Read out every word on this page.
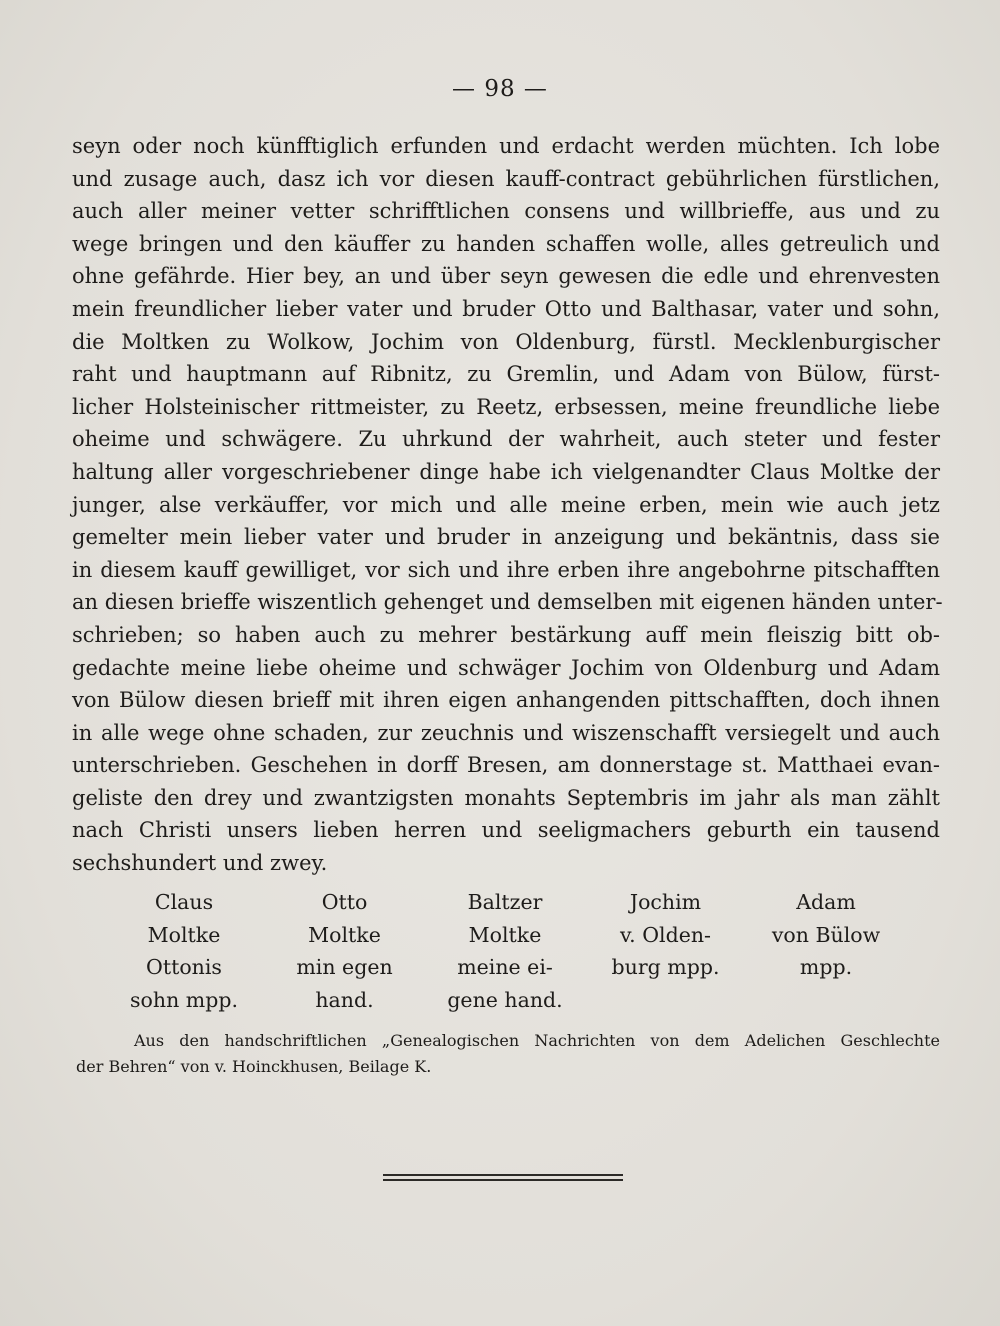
— 98 —
seyn oder noch künfftiglich erfunden und erdacht werden müchten. Ich lobe
und zusage auch, dasz ich vor diesen kauff-contract gebührlichen fürstlichen,
auch aller meiner vetter schrifftlichen consens und willbrieffe, aus und zu
wege bringen und den käuffer zu handen schaffen wolle, alles getreulich und
ohne gefährde. Hier bey, an und über seyn gewesen die edle und ehrenvesten
mein freundlicher lieber vater und bruder Otto und Balthasar, vater und sohn,
die Moltken zu Wolkow, Jochim von Oldenburg, fürstl. Mecklenburgischer
raht und hauptmann auf Ribnitz, zu Gremlin, und Adam von Bülow, fürst-
licher Holsteinischer rittmeister, zu Reetz, erbsessen, meine freundliche liebe
oheime und schwägere. Zu uhrkund der wahrheit, auch steter und fester
haltung aller vorgeschriebener dinge habe ich vielgenandter Claus Moltke der
junger, alse verkäuffer, vor mich und alle meine erben, mein wie auch jetz
gemelter mein lieber vater und bruder in anzeigung und bekäntnis, dass sie
in diesem kauff gewilliget, vor sich und ihre erben ihre angebohrne pitschafften
an diesen brieffe wiszentlich gehenget und demselben mit eigenen händen unter-
schrieben; so haben auch zu mehrer bestärkung auff mein fleiszig bitt ob-
gedachte meine liebe oheime und schwäger Jochim von Oldenburg und Adam
von Bülow diesen brieff mit ihren eigen anhangenden pittschafften, doch ihnen
in alle wege ohne schaden, zur zeuchnis und wiszenschafft versiegelt und auch
unterschrieben. Geschehen in dorff Bresen, am donnerstage st. Matthaei evan-
geliste den drey und zwantzigsten monahts Septembris im jahr als man zählt
nach Christi unsers lieben herren und seeligmachers geburth ein tausend
sechshundert und zwey.
Claus
Moltke
Ottonis
sohn mpp.
Otto
Moltke
min egen
hand.
Baltzer
Moltke
meine ei-
gene hand.
Jochim
v. Olden-
burg mpp.
Adam
von Bülow
mpp.
Aus den handschriftlichen „Genealogischen Nachrichten von dem Adelichen Geschlechte
der Behren“ von v. Hoinckhusen, Beilage K.
